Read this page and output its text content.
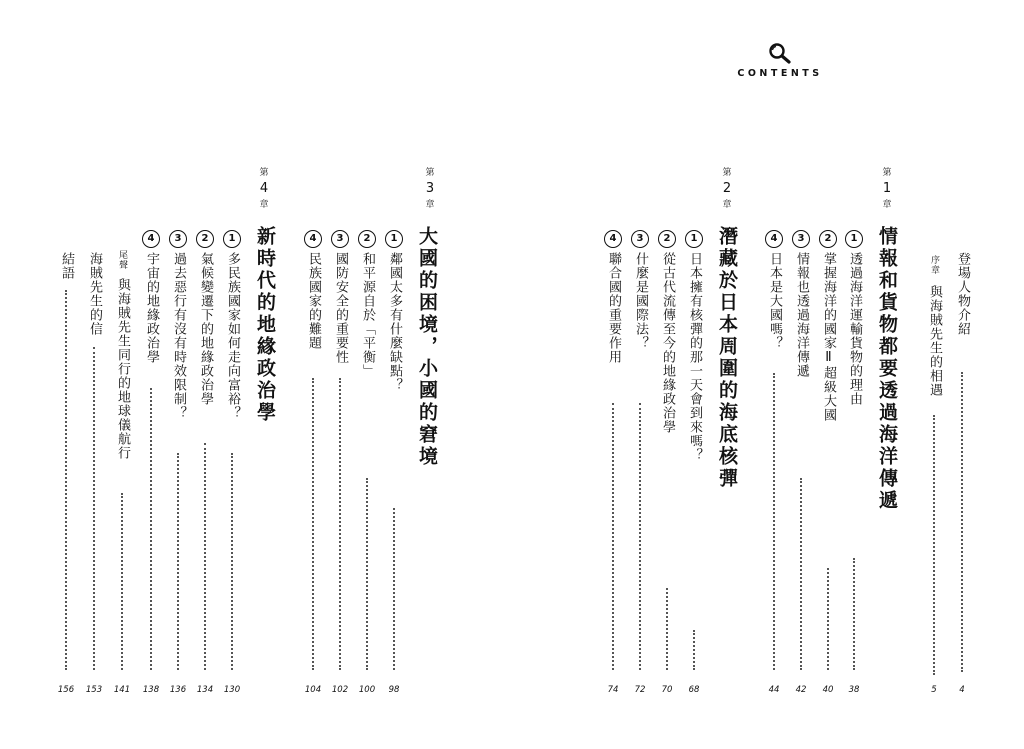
CONTENTS
登場人物介紹
4
序章
與海賊先生的相遇
5
第
1
章
情報和貨物都要透過海洋傳遞
1
透過海洋運輸貨物的理由
38
2
掌握海洋的國家Ⅱ超級大國
40
3
情報也透過海洋傳遞
42
4
日本是大國嗎？
44
第
2
章
潛藏於日本周圍的海底核彈
1
日本擁有核彈的那一天會到來嗎？
68
2
從古代流傳至今的地緣政治學
70
3
什麼是國際法？
72
4
聯合國的重要作用
74
第
3
章
大國的困境，小國的窘境
1
鄰國太多有什麼缺點？
98
2
和平源自於「平衡」
100
3
國防安全的重要性
102
4
民族國家的難題
104
第
4
章
新時代的地緣政治學
1
多民族國家如何走向富裕？
130
2
氣候變遷下的地緣政治學
134
3
過去惡行有沒有時效限制？
136
4
宇宙的地緣政治學
138
尾聲
與海賊先生同行的地球儀航行
141
海賊先生的信
153
結語
156
